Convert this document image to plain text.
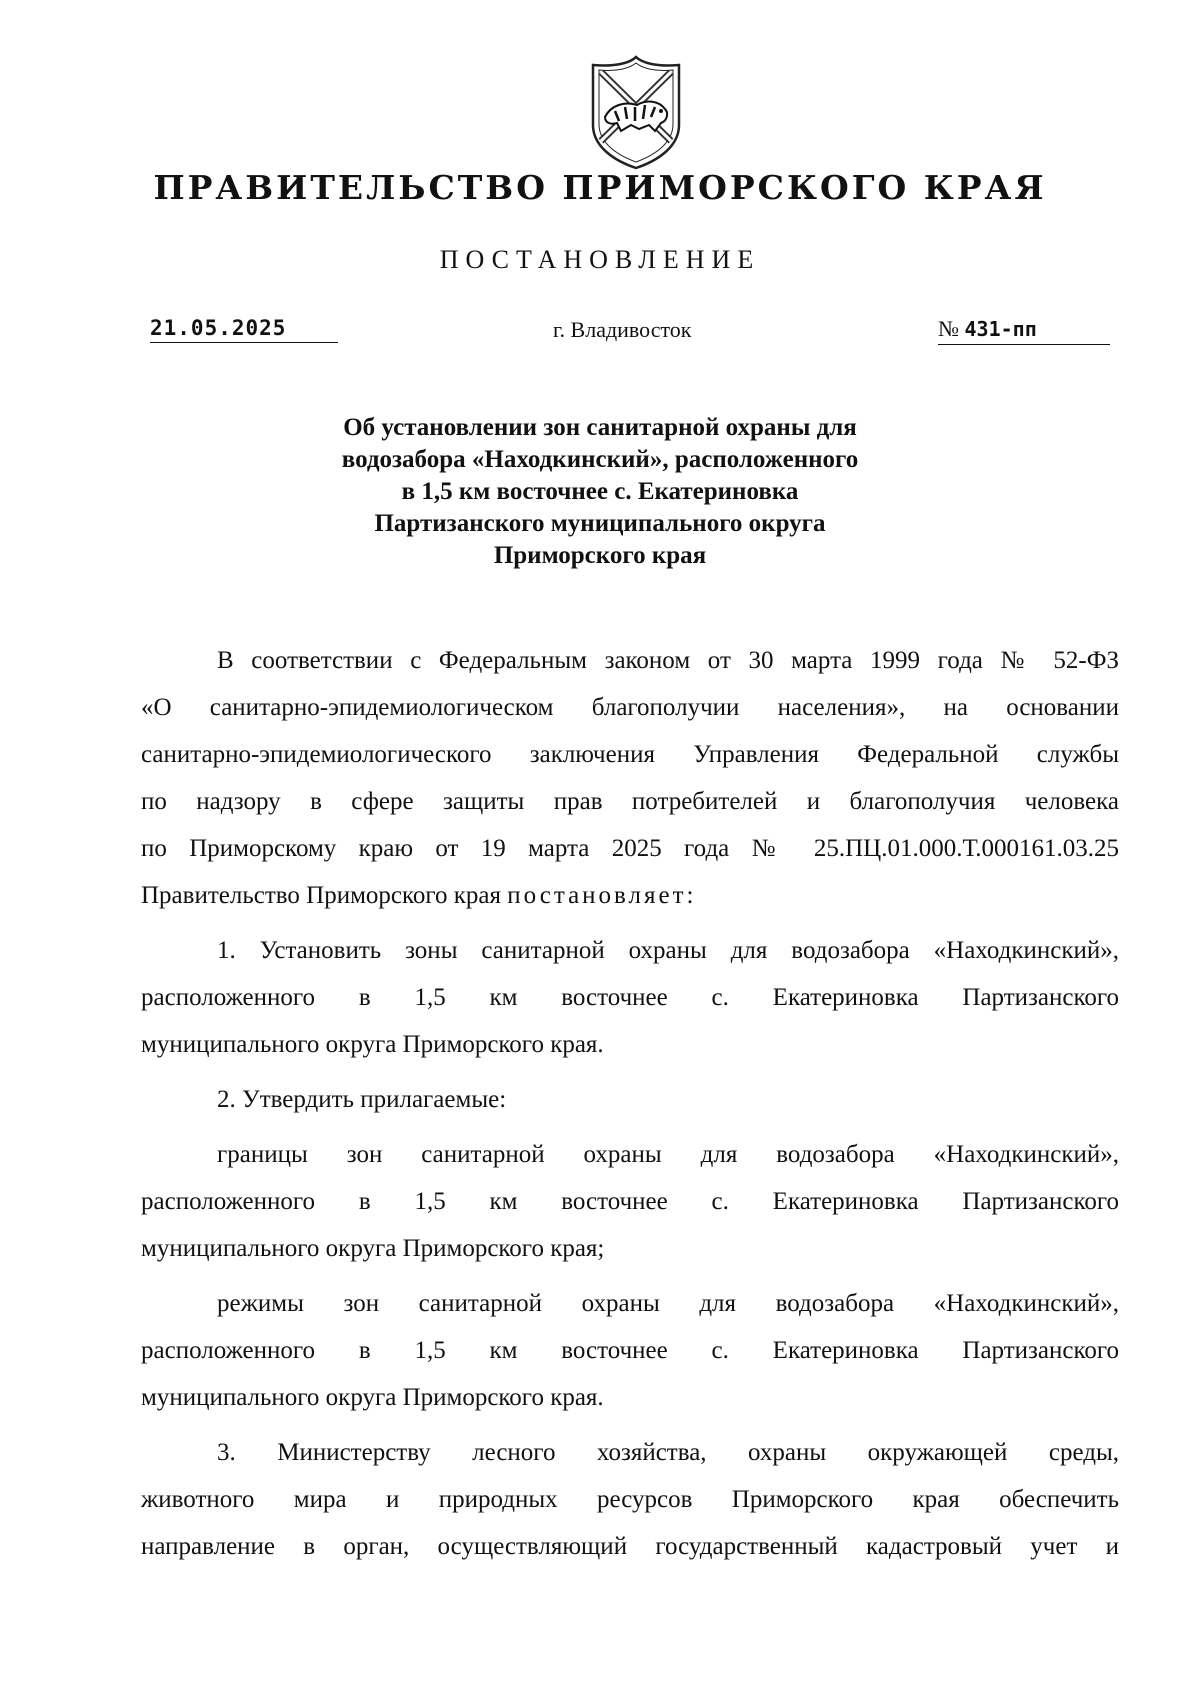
ПРАВИТЕЛЬСТВО ПРИМОРСКОГО КРАЯ
ПОСТАНОВЛЕНИЕ
21.05.2025	г. Владивосток	№ 431-пп
Об установлении зон санитарной охраны для
водозабора «Находкинский», расположенного
в 1,5 км восточнее с. Екатериновка
Партизанского муниципального округа
Приморского края
В соответствии с Федеральным законом от 30 марта 1999 года № 52-ФЗ
«О санитарно-эпидемиологическом благополучии населения», на основании
санитарно-эпидемиологического заключения Управления Федеральной службы
по надзору в сфере защиты прав потребителей и благополучия человека
по Приморскому краю от 19 марта 2025 года № 25.ПЦ.01.000.Т.000161.03.25
Правительство Приморского края постановляет:
1. Установить зоны санитарной охраны для водозабора «Находкинский»,
расположенного в 1,5 км восточнее с. Екатериновка Партизанского
муниципального округа Приморского края.
2. Утвердить прилагаемые:
границы зон санитарной охраны для водозабора «Находкинский»,
расположенного в 1,5 км восточнее с. Екатериновка Партизанского
муниципального округа Приморского края;
режимы зон санитарной охраны для водозабора «Находкинский»,
расположенного в 1,5 км восточнее с. Екатериновка Партизанского
муниципального округа Приморского края.
3. Министерству лесного хозяйства, охраны окружающей среды,
животного мира и природных ресурсов Приморского края обеспечить
направление в орган, осуществляющий государственный кадастровый учет и
